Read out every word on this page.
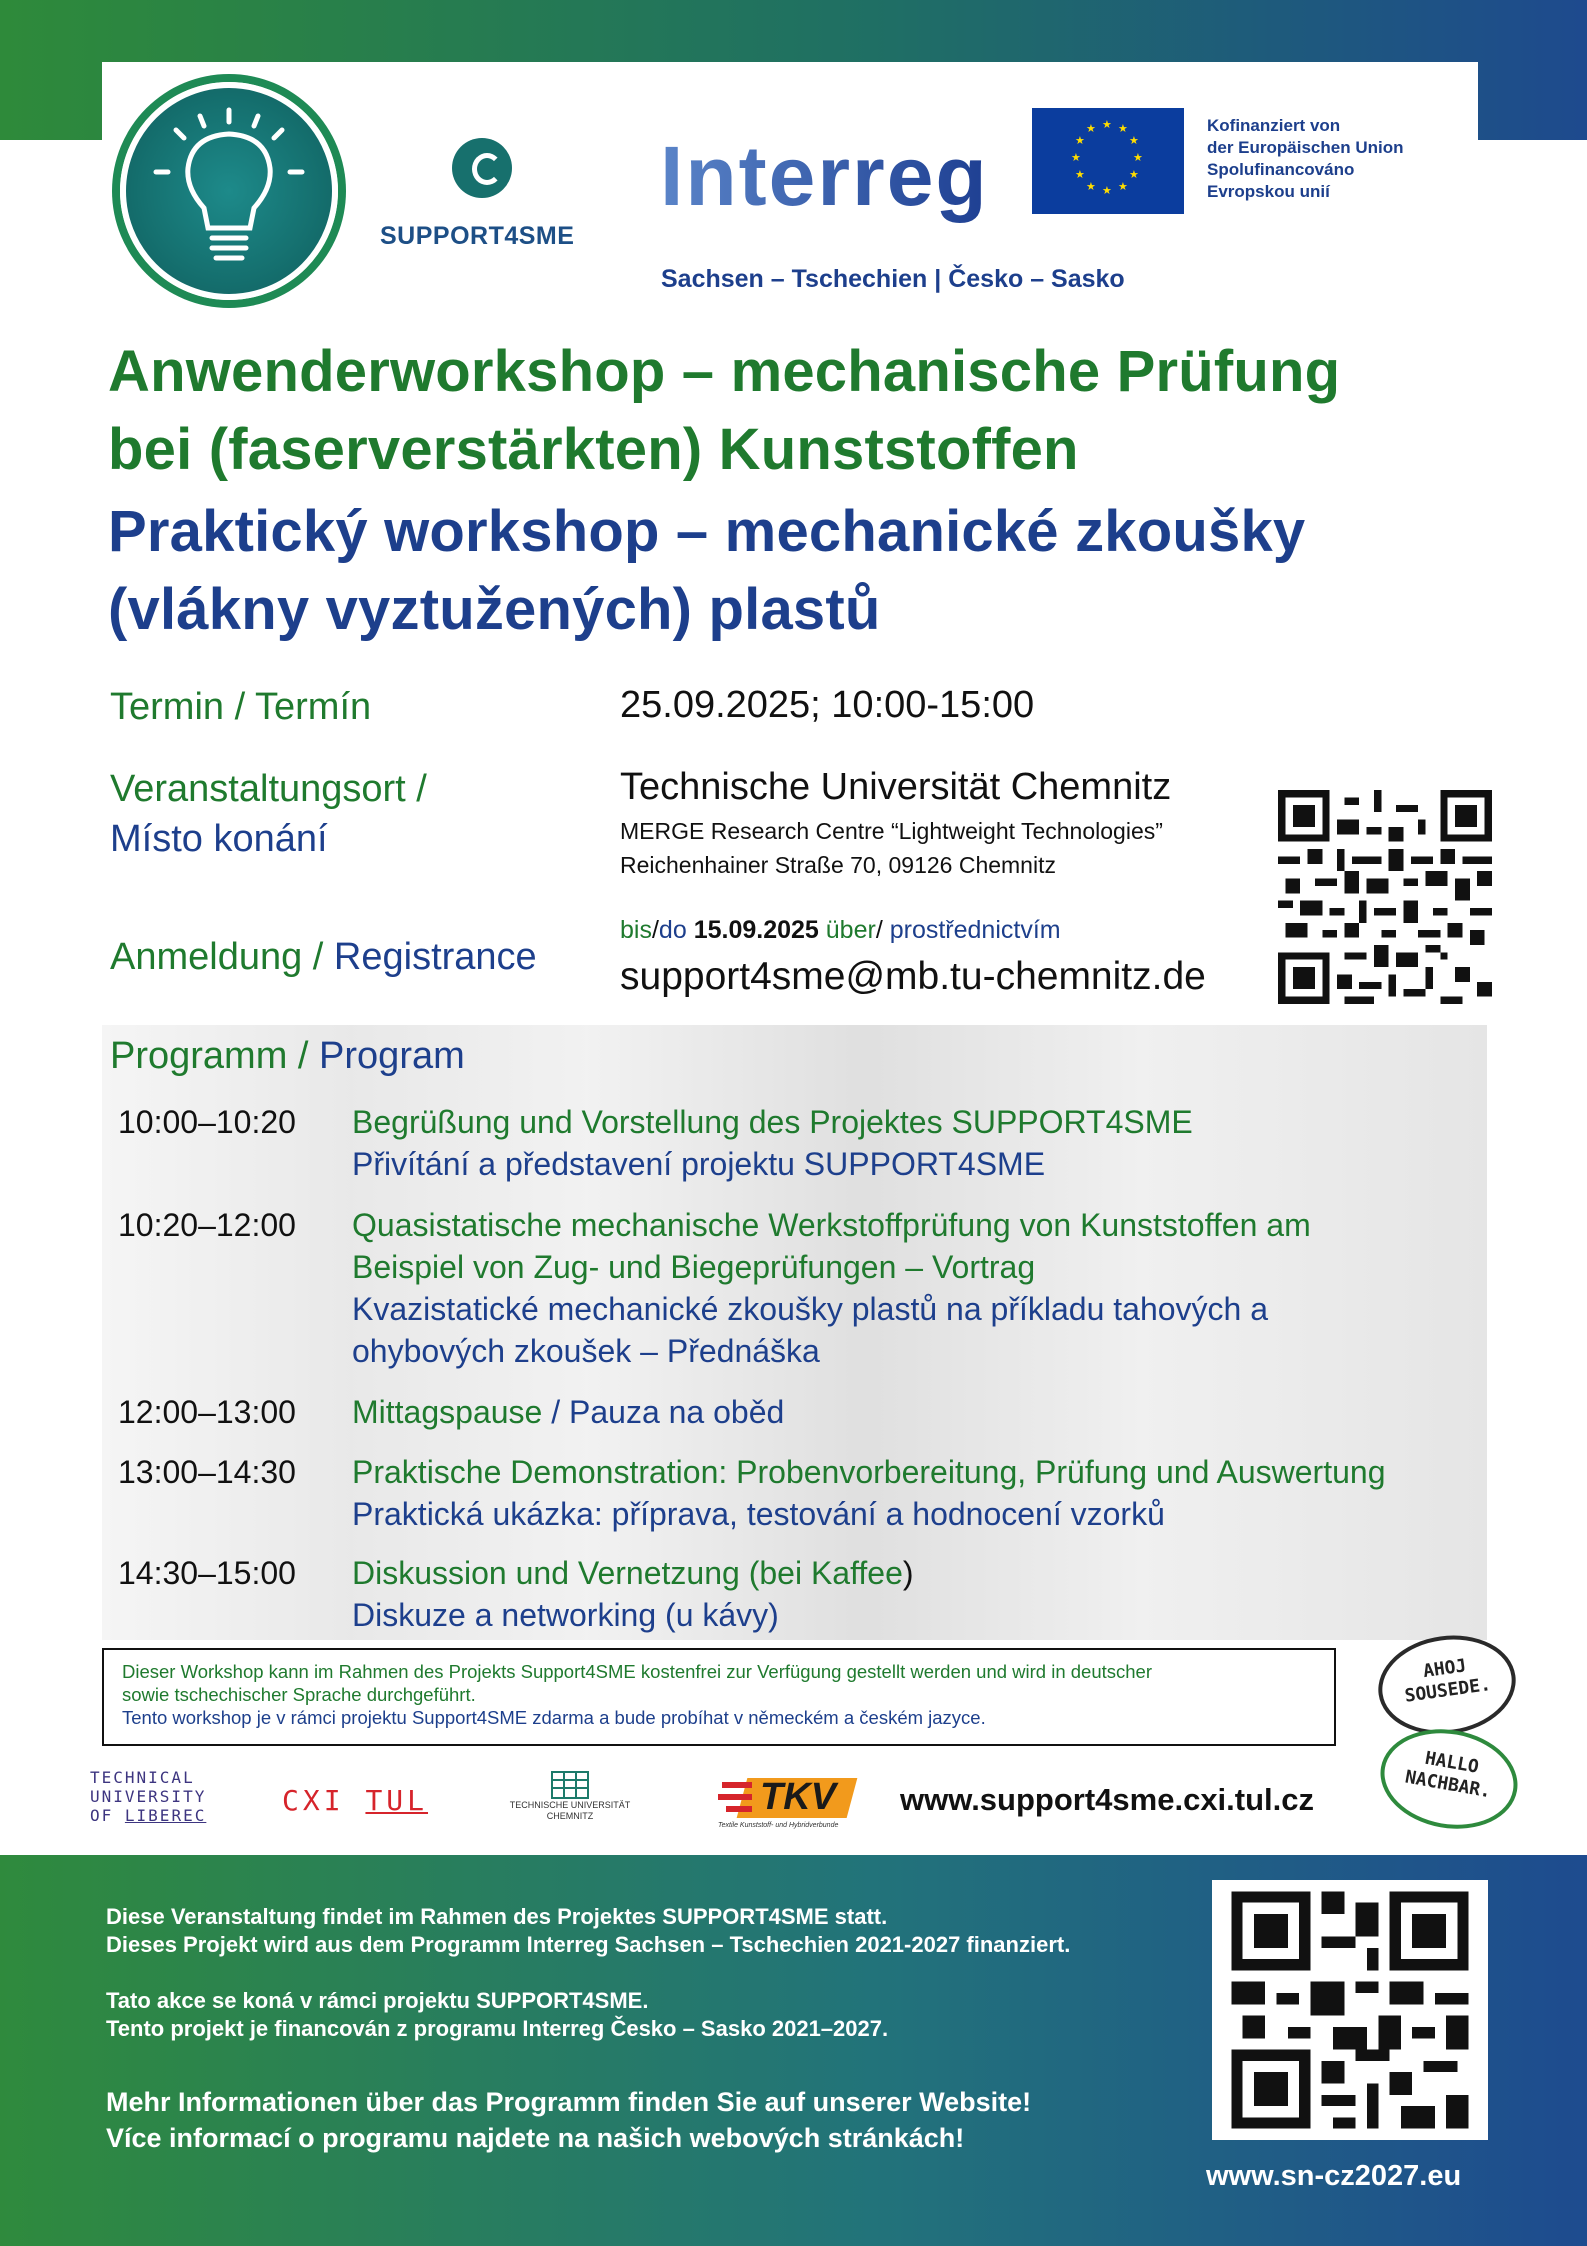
SUPPORT4SME
Interreg
★ ★
★
★
★
★
★
★
★
★
★
★	Kofinanziert von
der Europäischen Union
Spolufinancováno
Evropskou unií
Sachsen – Tschechien | Česko – Sasko
Anwenderworkshop – mechanische Prüfung
bei (faserverstärkten) Kunststoffen
Praktický workshop – mechanické zkoušky
(vlákny vyztužených) plastů
Termin / Termín	25.09.2025; 10:00-15:00
Veranstaltungsort /
Místo konání
Technische Universität Chemnitz
MERGE Research Centre “Lightweight Technologies”
Reichenhainer Straße 70, 09126 Chemnitz
Anmeldung / Registrance
bis/do 15.09.2025 über/ prostřednictvím
support4sme@mb.tu-chemnitz.de
Programm / Program
10:00–10:20 Begrüßung und Vorstellung des Projektes SUPPORT4SME
Přivítání a představení projektu SUPPORT4SME
10:20–12:00 Quasistatische mechanische Werkstoffprüfung von Kunststoffen am
Beispiel von Zug- und Biegeprüfungen – Vortrag
Kvazistatické mechanické zkoušky plastů na příkladu tahových a
ohybových zkoušek – Přednáška
12:00–13:00 Mittagspause / Pauza na oběd
13:00–14:30 Praktische Demonstration: Probenvorbereitung, Prüfung und Auswertung
Praktická ukázka: příprava, testování a hodnocení vzorků
14:30–15:00 Diskussion und Vernetzung (bei Kaffee)
Diskuze a networking (u kávy)
Dieser Workshop kann im Rahmen des Projekts Support4SME kostenfrei zur Verfügung gestellt werden und wird in deutscher
sowie tschechischer Sprache durchgeführt.
Tento workshop je v rámci projektu Support4SME zdarma a bude probíhat v německém a českém jazyce.
AHOJ SOUSEDE.
HALLO NACHBAR.
TECHNICAL
UNIVERSITY
OF LIBEREC	CXI TUL	TECHNISCHE UNIVERSITÄT
CHEMNITZ	TKV
Textile Kunststoff- und Hybridverbunde
www.support4sme.cxi.tul.cz
Diese Veranstaltung findet im Rahmen des Projektes SUPPORT4SME statt.
Dieses Projekt wird aus dem Programm Interreg Sachsen – Tschechien 2021-2027 finanziert.
Tato akce se koná v rámci projektu SUPPORT4SME.
Tento projekt je financován z programu Interreg Česko – Sasko 2021–2027.
Mehr Informationen über das Programm finden Sie auf unserer Website!
Více informací o programu najdete na našich webových stránkách!
www.sn-cz2027.eu
